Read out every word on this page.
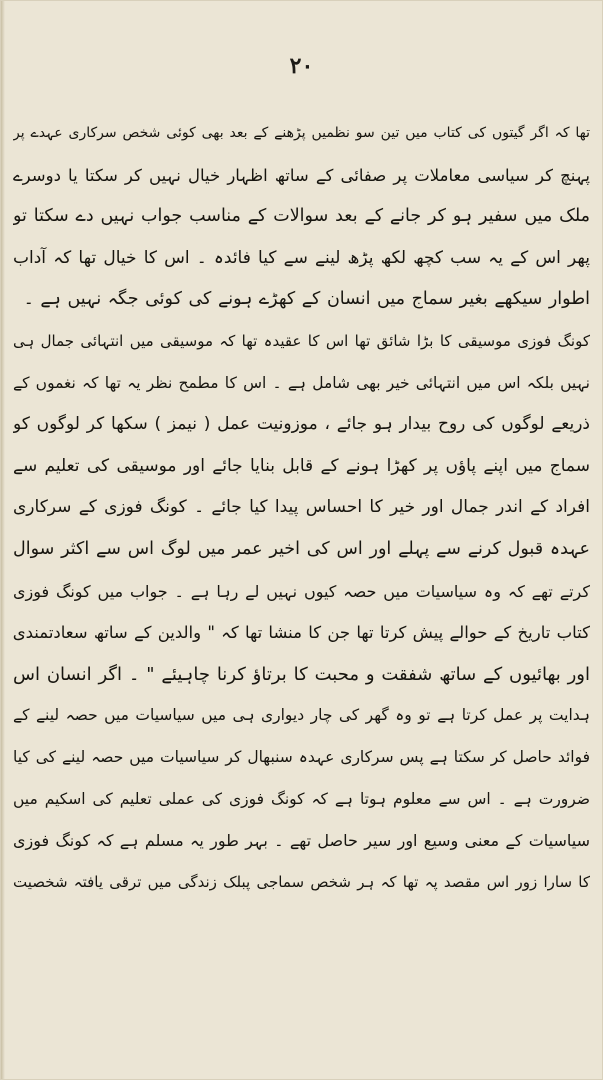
۲۰
تھا کہ اگر گیتوں کی کتاب میں تین سو نظمیں پڑھنے کے بعد بھی کوئی شخص سرکاری عہدے پر
پہنچ کر سیاسی معاملات پر صفائی کے ساتھ اظہار خیال نہیں کر سکتا یا دوسرے
ملک میں سفیر ہو کر جانے کے بعد سوالات کے مناسب جواب نہیں دے سکتا تو
پھر اس کے یہ سب کچھ لکھ پڑھ لینے سے کیا فائدہ ۔ اس کا خیال تھا کہ آداب
اطوار سیکھے بغیر سماج میں انسان کے کھڑے ہونے کی کوئی جگہ نہیں ہے ۔
کونگ فوزی موسیقی کا بڑا شائق تھا اس کا عقیدہ تھا کہ موسیقی میں انتہائی جمال ہی
نہیں بلکہ اس میں انتہائی خیر بھی شامل ہے ۔ اس کا مطمح نظر یہ تھا کہ نغموں کے
ذریعے لوگوں کی روح بیدار ہو جائے ، موزونیت عمل ( نیمز ) سکھا کر لوگوں کو
سماج میں اپنے پاؤں پر کھڑا ہونے کے قابل بنایا جائے اور موسیقی کی تعلیم سے
افراد کے اندر جمال اور خیر کا احساس پیدا کیا جائے ۔ کونگ فوزی کے سرکاری
عہدہ قبول کرنے سے پہلے اور اس کی اخیر عمر میں لوگ اس سے اکثر سوال
کرتے تھے کہ وہ سیاسیات میں حصہ کیوں نہیں لے رہا ہے ۔ جواب میں کونگ فوزی
کتاب تاریخ کے حوالے پیش کرتا تھا جن کا منشا تھا کہ " والدین کے ساتھ سعادتمندی
اور بھائیوں کے ساتھ شفقت و محبت کا برتاؤ کرنا چاہیئے " ۔ اگر انسان اس
ہدایت پر عمل کرتا ہے تو وہ گھر کی چار دیواری ہی میں سیاسیات میں حصہ لینے کے
فوائد حاصل کر سکتا ہے پس سرکاری عہدہ سنبھال کر سیاسیات میں حصہ لینے کی کیا
ضرورت ہے ۔ اس سے معلوم ہوتا ہے کہ کونگ فوزی کی عملی تعلیم کی اسکیم میں
سیاسیات کے معنی وسیع اور سیر حاصل تھے ۔ بہر طور یہ مسلم ہے کہ کونگ فوزی
کا سارا زور اس مقصد پہ تھا کہ ہر شخص سماجی پبلک زندگی میں ترقی یافتہ شخصیت
